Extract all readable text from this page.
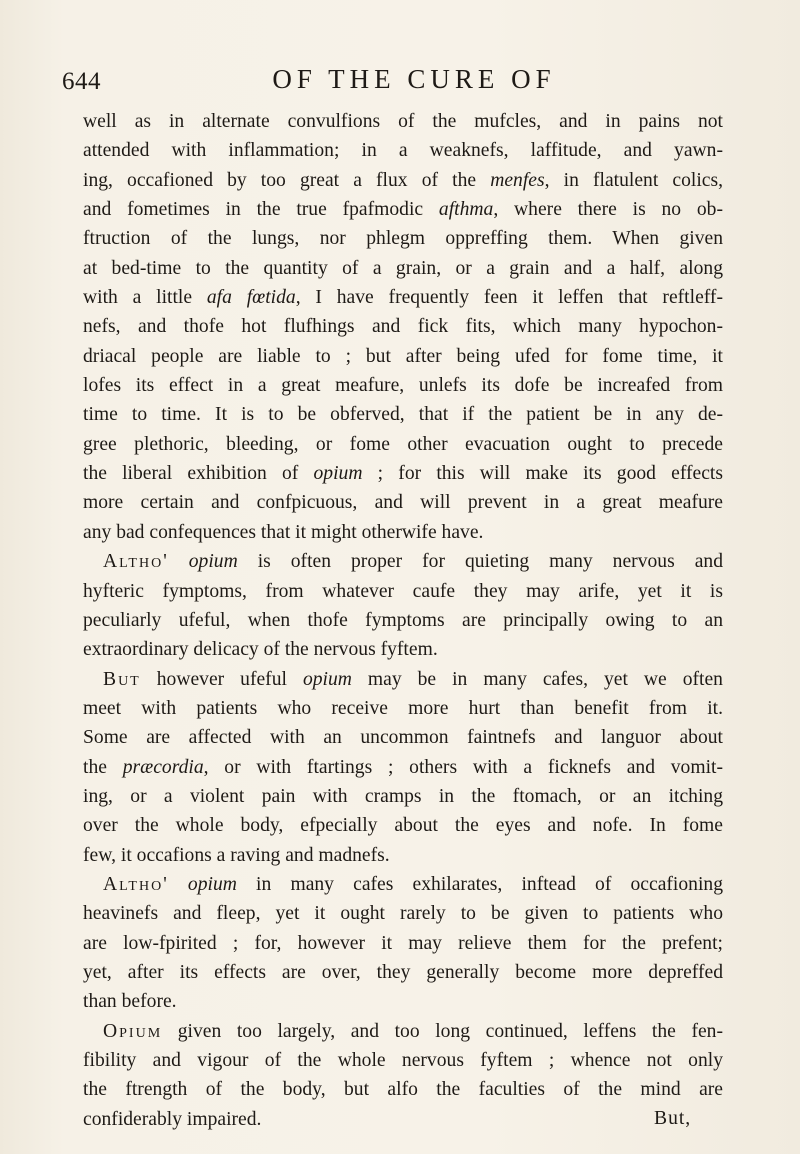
644	OF THE CURE OF
well as in alternate convulfions of the mufcles, and in pains not
attended with inflammation; in a weaknefs, laffitude, and yawn-
ing, occafioned by too great a flux of the menfes, in flatulent colics,
and fometimes in the true fpafmodic afthma, where there is no ob-
ftruction of the lungs, nor phlegm oppreffing them. When given
at bed-time to the quantity of a grain, or a grain and a half, along
with a little afa fœtida, I have frequently feen it leffen that reftleff-
nefs, and thofe hot flufhings and fick fits, which many hypochon-
driacal people are liable to ; but after being ufed for fome time, it
lofes its effect in a great meafure, unlefs its dofe be increafed from
time to time. It is to be obferved, that if the patient be in any de-
gree plethoric, bleeding, or fome other evacuation ought to precede
the liberal exhibition of opium ; for this will make its good effects
more certain and confpicuous, and will prevent in a great meafure
any bad confequences that it might otherwife have.
Altho' opium is often proper for quieting many nervous and
hyfteric fymptoms, from whatever caufe they may arife, yet it is
peculiarly ufeful, when thofe fymptoms are principally owing to an
extraordinary delicacy of the nervous fyftem.
But however ufeful opium may be in many cafes, yet we often
meet with patients who receive more hurt than benefit from it.
Some are affected with an uncommon faintnefs and languor about
the præcordia, or with ftartings ; others with a ficknefs and vomit-
ing, or a violent pain with cramps in the ftomach, or an itching
over the whole body, efpecially about the eyes and nofe. In fome
few, it occafions a raving and madnefs.
Altho' opium in many cafes exhilarates, inftead of occafioning
heavinefs and fleep, yet it ought rarely to be given to patients who
are low-fpirited ; for, however it may relieve them for the prefent;
yet, after its effects are over, they generally become more depreffed
than before.
Opium given too largely, and too long continued, leffens the fen-
fibility and vigour of the whole nervous fyftem ; whence not only
the ftrength of the body, but alfo the faculties of the mind are
confiderably impaired.	But,
